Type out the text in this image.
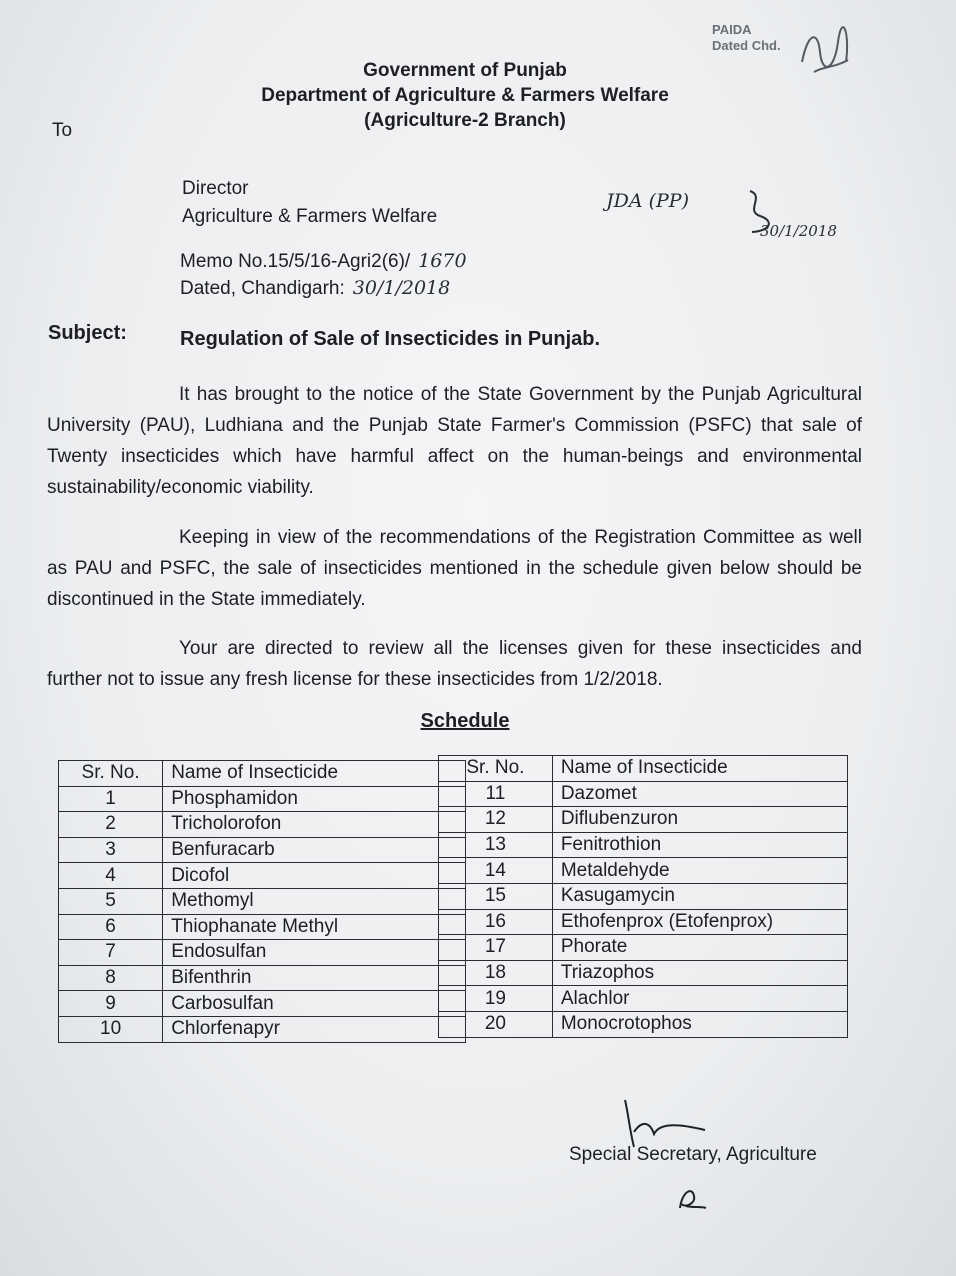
PAIDA
Dated Chd.
Government of Punjab
Department of Agriculture & Farmers Welfare
(Agriculture-2 Branch)
To
Director
Agriculture & Farmers Welfare
JDA (PP)
30/1/2018
Memo No.15/5/16-Agri2(6)/ 1670
Dated, Chandigarh: 30/1/2018
Subject:	Regulation of Sale of Insecticides in Punjab.
It has brought to the notice of the State Government by the Punjab Agricultural University (PAU), Ludhiana and the Punjab State Farmer's Commission (PSFC) that sale of Twenty insecticides which have harmful affect on the human-beings and environmental sustainability/economic viability.
Keeping in view of the recommendations of the Registration Committee as well as PAU and PSFC, the sale of insecticides mentioned in the schedule given below should be discontinued in the State immediately.
Your are directed to review all the licenses given for these insecticides and further not to issue any fresh license for these insecticides from 1/2/2018.
Schedule
Sr. No.	Name of Insecticide
1	Phosphamidon
2	Tricholorofon
3	Benfuracarb
4	Dicofol
5	Methomyl
6	Thiophanate Methyl
7	Endosulfan
8	Bifenthrin
9	Carbosulfan
10	Chlorfenapyr
Sr. No.	Name of Insecticide
11	Dazomet
12	Diflubenzuron
13	Fenitrothion
14	Metaldehyde
15	Kasugamycin
16	Ethofenprox (Etofenprox)
17	Phorate
18	Triazophos
19	Alachlor
20	Monocrotophos
Special Secretary, Agriculture
